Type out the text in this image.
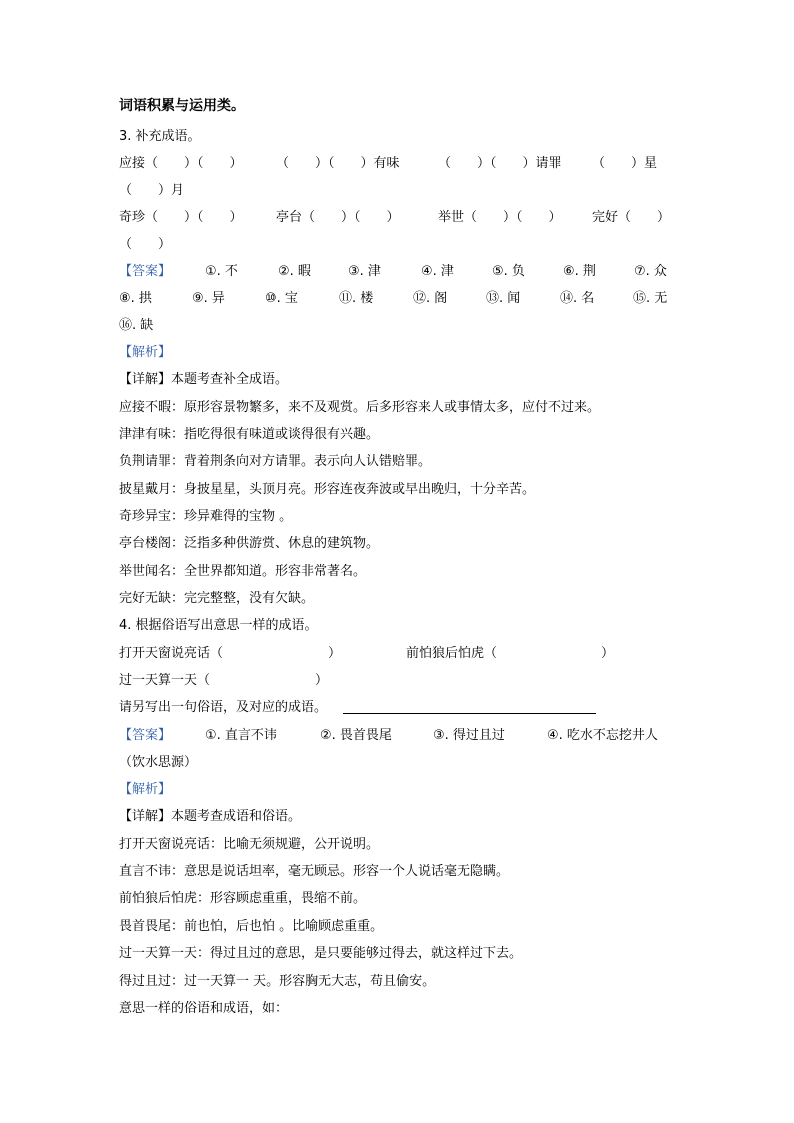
词语积累与运用类。
3. 补充成语。
应接（　　）（　　）	（　　）（　　）有味	（　　）（　　）请罪 （　　）星
（　　）月
奇珍（　　）（　　）	亭台（　　）（　　）	举世（　　）（　　） 完好（　　）
（　　）
【答案】	①. 不	②. 暇	③. 津	④. 津	⑤. 负	⑥. 荆	⑦. 众
⑧. 拱	⑨. 异	⑩. 宝	⑪. 楼	⑫. 阁	⑬. 闻	⑭. 名	⑮. 无
⑯. 缺
【解析】
【详解】本题考查补全成语。
应接不暇：原形容景物繁多，来不及观赏。后多形容来人或事情太多，应付不过来。
津津有味：指吃得很有味道或谈得很有兴趣。
负荆请罪：背着荆条向对方请罪。表示向人认错赔罪。
披星戴月：身披星星，头顶月亮。形容连夜奔波或早出晚归，十分辛苦。
奇珍异宝：珍异难得的宝物 。
亭台楼阁：泛指多种供游赏、休息的建筑物。
举世闻名：全世界都知道。形容非常著名。
完好无缺：完完整整，没有欠缺。
4. 根据俗语写出意思一样的成语。
打开天窗说亮话（	）	前怕狼后怕虎（	）
过一天算一天（	）
请另写出一句俗语，及对应的成语。
【答案】	①. 直言不讳	②. 畏首畏尾	③. 得过且过	④. 吃水不忘挖井人
（饮水思源）
【解析】
【详解】本题考查成语和俗语。
打开天窗说亮话：比喻无须规避，公开说明。
直言不讳：意思是说话坦率，毫无顾忌。形容一个人说话毫无隐瞒。
前怕狼后怕虎：形容顾虑重重，畏缩不前。
畏首畏尾：前也怕，后也怕 。比喻顾虑重重。
过一天算一天：得过且过的意思，是只要能够过得去，就这样过下去。
得过且过：过一天算一 天。形容胸无大志，苟且偷安。
意思一样的俗语和成语，如：
